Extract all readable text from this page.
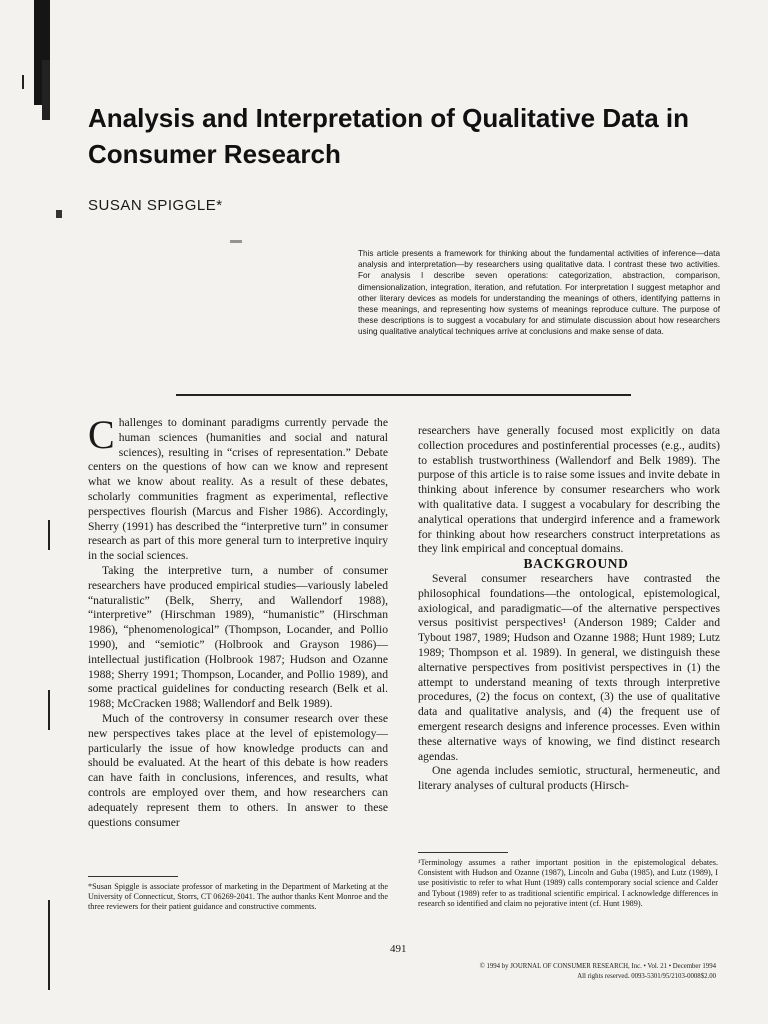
Analysis and Interpretation of Qualitative Data in Consumer Research
SUSAN SPIGGLE*

This article presents a framework for thinking about the fundamental activities of inference—data analysis and interpretation—by researchers using qualitative data. I contrast these two activities. For analysis I describe seven operations: categorization, abstraction, comparison, dimensionalization, integration, iteration, and refutation. For interpretation I suggest metaphor and other literary devices as models for understanding the meanings of others, identifying patterns in these meanings, and representing how systems of meanings reproduce culture. The purpose of these descriptions is to suggest a vocabulary for and stimulate discussion about how researchers using qualitative analytical techniques arrive at conclusions and make sense of data.

Challenges to dominant paradigms currently pervade the human sciences (humanities and social and natural sciences), resulting in “crises of representation.” Debate centers on the questions of how can we know and represent what we know about reality. As a result of these debates, scholarly communities fragment as experimental, reflective perspectives flourish (Marcus and Fisher 1986). Accordingly, Sherry (1991) has described the “interpretive turn” in consumer research as part of this more general turn to interpretive inquiry in the social sciences.

Taking the interpretive turn, a number of consumer researchers have produced empirical studies—variously labeled “naturalistic” (Belk, Sherry, and Wallendorf 1988), “interpretive” (Hirschman 1989), “humanistic” (Hirschman 1986), “phenomenological” (Thompson, Locander, and Pollio 1990), and “semiotic” (Holbrook and Grayson 1986)—intellectual justification (Holbrook 1987; Hudson and Ozanne 1988; Sherry 1991; Thompson, Locander, and Pollio 1989), and some practical guidelines for conducting research (Belk et al. 1988; McCracken 1988; Wallendorf and Belk 1989).

Much of the controversy in consumer research over these new perspectives takes place at the level of epistemology—particularly the issue of how knowledge products can and should be evaluated. At the heart of this debate is how readers can have faith in conclusions, inferences, and results, what controls are employed over them, and how researchers can adequately represent them to others. In answer to these questions consumer

researchers have generally focused most explicitly on data collection procedures and postinferential processes (e.g., audits) to establish trustworthiness (Wallendorf and Belk 1989). The purpose of this article is to raise some issues and invite debate in thinking about inference by consumer researchers who work with qualitative data. I suggest a vocabulary for describing the analytical operations that undergird inference and a framework for thinking about how researchers construct interpretations as they link empirical and conceptual domains.

BACKGROUND

Several consumer researchers have contrasted the philosophical foundations—the ontological, epistemological, axiological, and paradigmatic—of the alternative perspectives versus positivist perspectives¹ (Anderson 1989; Calder and Tybout 1987, 1989; Hudson and Ozanne 1988; Hunt 1989; Lutz 1989; Thompson et al. 1989). In general, we distinguish these alternative perspectives from positivist perspectives in (1) the attempt to understand meaning of texts through interpretive procedures, (2) the focus on context, (3) the use of qualitative data and qualitative analysis, and (4) the frequent use of emergent research designs and inference processes. Even within these alternative ways of knowing, we find distinct research agendas.

One agenda includes semiotic, structural, hermeneutic, and literary analyses of cultural products (Hirsch-

¹Terminology assumes a rather important position in the epistemological debates. Consistent with Hudson and Ozanne (1987), Lincoln and Guba (1985), and Lutz (1989), I use positivistic to refer to what Hunt (1989) calls contemporary social science and Calder and Tybout (1989) refer to as traditional scientific empirical. I acknowledge differences in research so identified and claim no pejorative intent (cf. Hunt 1989).

*Susan Spiggle is associate professor of marketing in the Department of Marketing at the University of Connecticut, Storrs, CT 06269-2041. The author thanks Kent Monroe and the three reviewers for their patient guidance and constructive comments.

491
© 1994 by JOURNAL OF CONSUMER RESEARCH, Inc. • Vol. 21 • December 1994
All rights reserved. 0093-5301/95/2103-0008$2.00
